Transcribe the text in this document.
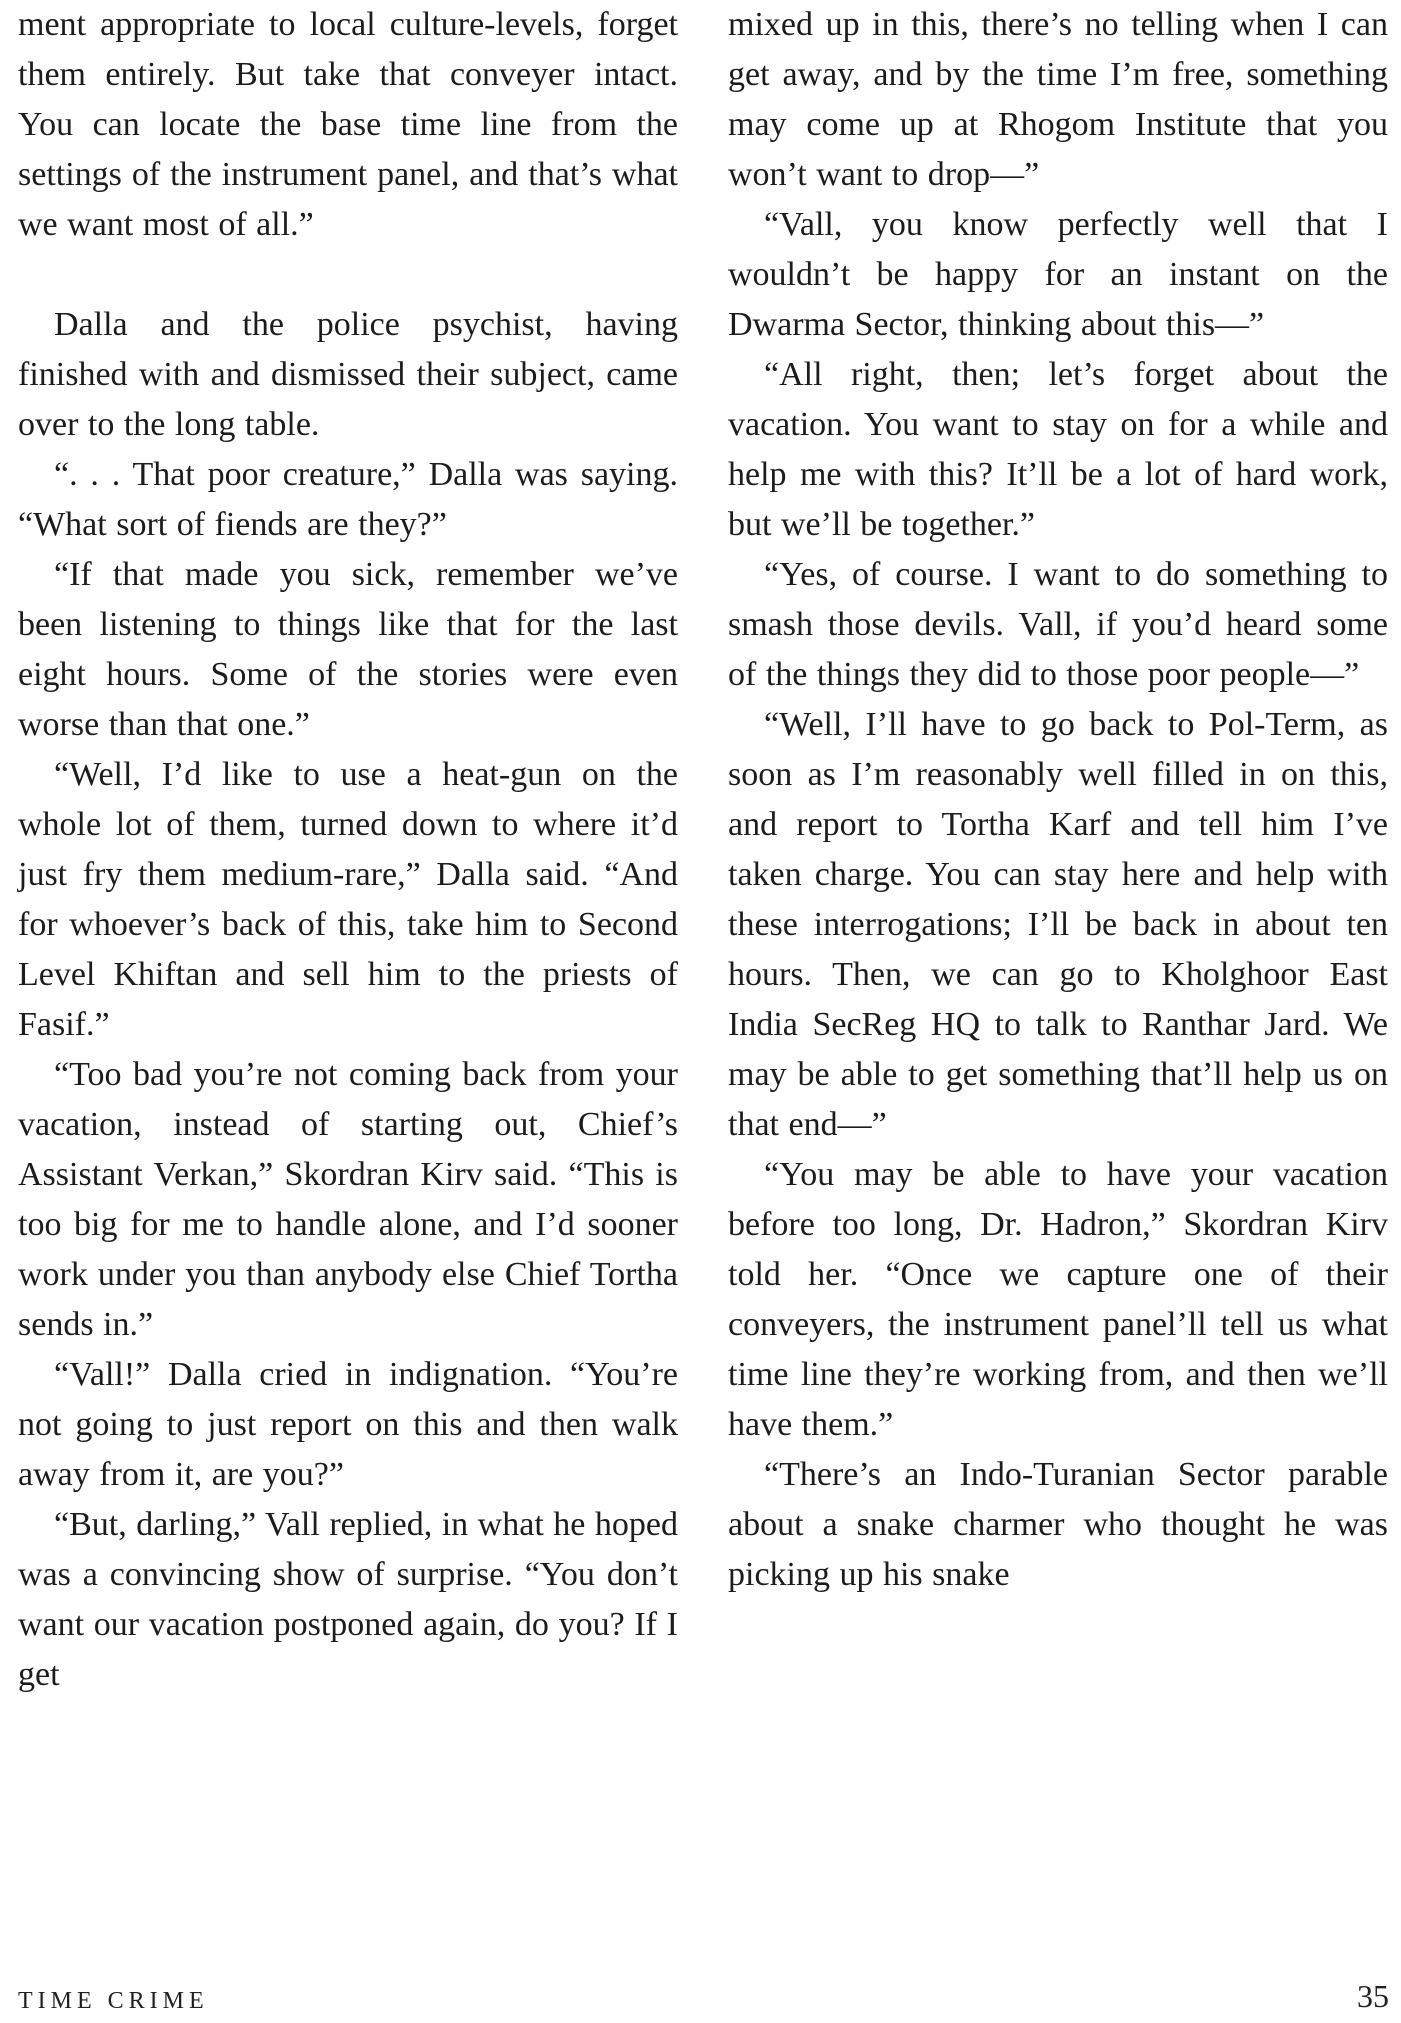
ment appropriate to local culture-levels, forget them entirely. But take that conveyer intact. You can locate the base time line from the settings of the instrument panel, and that’s what we want most of all.”

Dalla and the police psychist, having finished with and dismissed their subject, came over to the long table.

“. . . That poor creature,” Dalla was saying. “What sort of fiends are they?”

“If that made you sick, remember we’ve been listening to things like that for the last eight hours. Some of the stories were even worse than that one.”

“Well, I’d like to use a heat-gun on the whole lot of them, turned down to where it’d just fry them medium-rare,” Dalla said. “And for whoever’s back of this, take him to Second Level Khiftan and sell him to the priests of Fasif.”

“Too bad you’re not coming back from your vacation, instead of starting out, Chief’s Assistant Verkan,” Skordran Kirv said. “This is too big for me to handle alone, and I’d sooner work under you than anybody else Chief Tortha sends in.”

“Vall!” Dalla cried in indignation. “You’re not going to just report on this and then walk away from it, are you?”

“But, darling,” Vall replied, in what he hoped was a convincing show of surprise. “You don’t want our vacation postponed again, do you? If I get

mixed up in this, there’s no telling when I can get away, and by the time I’m free, something may come up at Rhogom Institute that you won’t want to drop—”

“Vall, you know perfectly well that I wouldn’t be happy for an instant on the Dwarma Sector, thinking about this—”

“All right, then; let’s forget about the vacation. You want to stay on for a while and help me with this? It’ll be a lot of hard work, but we’ll be together.”

“Yes, of course. I want to do something to smash those devils. Vall, if you’d heard some of the things they did to those poor people—”

“Well, I’ll have to go back to Pol-Term, as soon as I’m reasonably well filled in on this, and report to Tortha Karf and tell him I’ve taken charge. You can stay here and help with these interrogations; I’ll be back in about ten hours. Then, we can go to Kholghoor East India SecReg HQ to talk to Ranthar Jard. We may be able to get something that’ll help us on that end—”

“You may be able to have your vacation before too long, Dr. Hadron,” Skordran Kirv told her. “Once we capture one of their conveyers, the instrument panel’ll tell us what time line they’re working from, and then we’ll have them.”

“There’s an Indo-Turanian Sector parable about a snake charmer who thought he was picking up his snake

TIME CRIME	35
